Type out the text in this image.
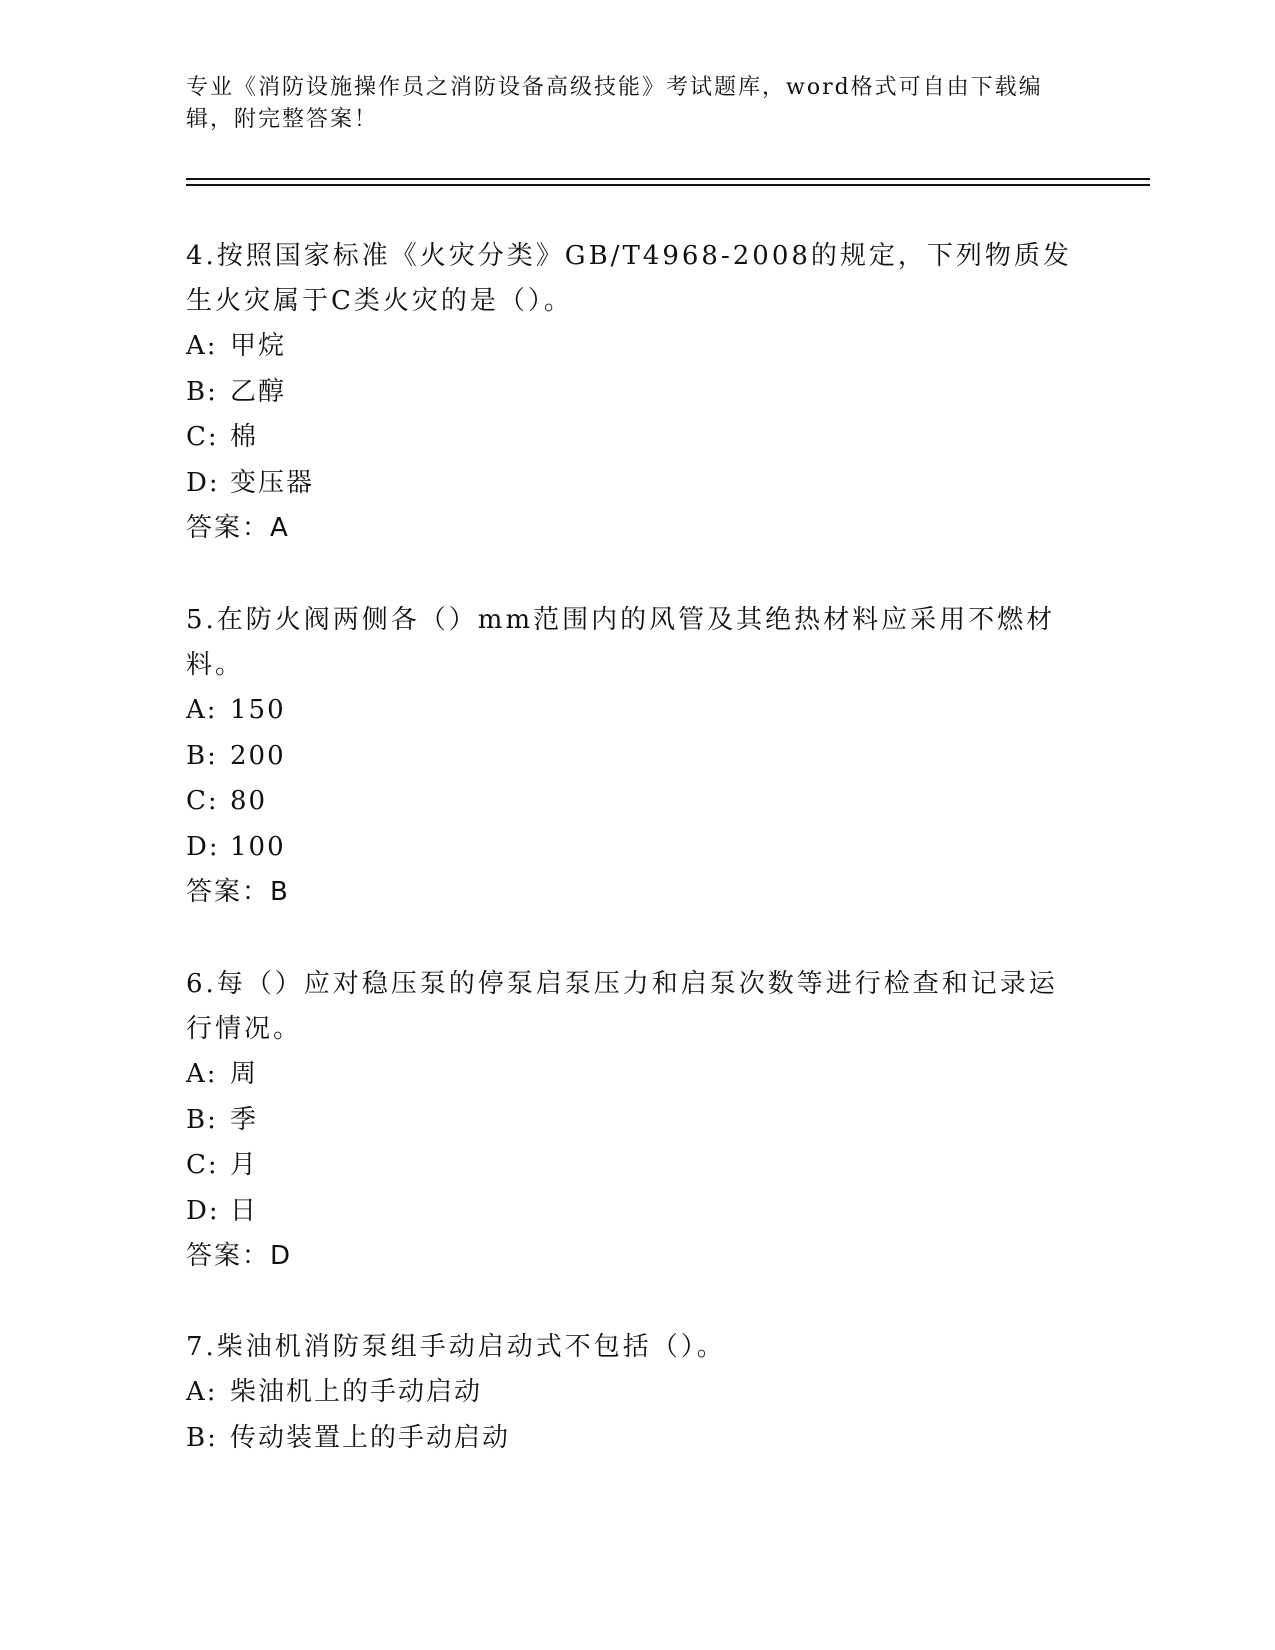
专业《消防设施操作员之消防设备高级技能》考试题库，word格式可自由下载编辑，附完整答案！

4.按照国家标准《火灾分类》GB/T4968-2008的规定，下列物质发生火灾属于C类火灾的是（）。

A: 甲烷

B: 乙醇

C: 棉

D: 变压器

答案：A

5.在防火阀两侧各（）mm范围内的风管及其绝热材料应采用不燃材料。

A: 150

B: 200

C: 80

D: 100

答案：B

6.每（）应对稳压泵的停泵启泵压力和启泵次数等进行检查和记录运行情况。

A: 周

B: 季

C: 月

D: 日

答案：D

7.柴油机消防泵组手动启动式不包括（）。

A: 柴油机上的手动启动

B: 传动装置上的手动启动
